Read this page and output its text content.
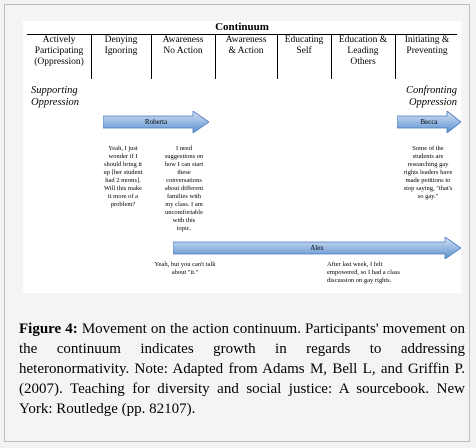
Continuum
Actively
Participating
(Oppression)
Denying
Ignoring
Awareness
No Action
Awareness
& Action
Educating
Self
Education &
Leading
Others
Initiating &
Preventing
Supporting
Oppression
Confronting
Oppression
Roberta	Becca
Yeah, I just
wonder if I
should bring it
up [her student
had 2 moms].
Will this make
it more of a
problem?
I need
suggestions on
how I can start
these
conversations
about different
families with
my class. I am
uncomfortable
with this
topic.
Some of the
students are
researching gay
rights leaders have
made petitions to
stop saying, "that's
so gay."
Alex
Yeah, but you can't talk
about "it."
After last week, I felt
empowered, so I had a class
discussion on gay rights.
Figure 4: Movement on the action continuum. Participants' movement on the continuum indicates growth in regards to addressing heteronormativity. Note: Adapted from Adams M, Bell L, and Griffin P. (2007). Teaching for diversity and social justice: A sourcebook. New York: Routledge (pp. 82107).
